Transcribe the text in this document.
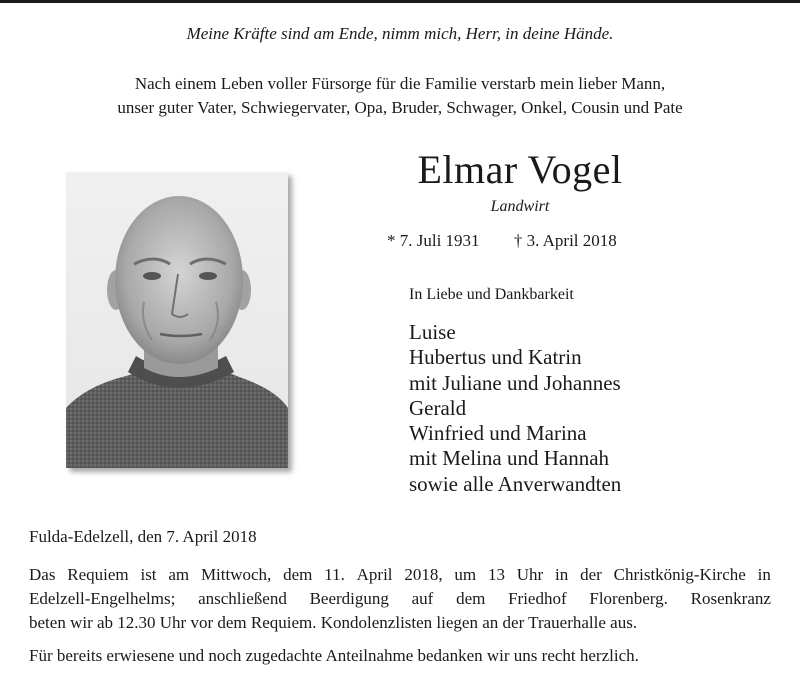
Meine Kräfte sind am Ende, nimm mich, Herr, in deine Hände.
Nach einem Leben voller Fürsorge für die Familie verstarb mein lieber Mann,
unser guter Vater, Schwiegervater, Opa, Bruder, Schwager, Onkel, Cousin und Pate
Elmar Vogel
Landwirt
* 7. Juli 1931 † 3. April 2018
In Liebe und Dankbarkeit
Luise
Hubertus und Katrin
mit Juliane und Johannes
Gerald
Winfried und Marina
mit Melina und Hannah
sowie alle Anverwandten
Fulda-Edelzell, den 7. April 2018
Das Requiem ist am Mittwoch, dem 11. April 2018, um 13 Uhr in der Christkönig-Kirche in
Edelzell-Engelhelms; anschließend Beerdigung auf dem Friedhof Florenberg. Rosenkranz
beten wir ab 12.30 Uhr vor dem Requiem. Kondolenzlisten liegen an der Trauerhalle aus.
Für bereits erwiesene und noch zugedachte Anteilnahme bedanken wir uns recht herzlich.
